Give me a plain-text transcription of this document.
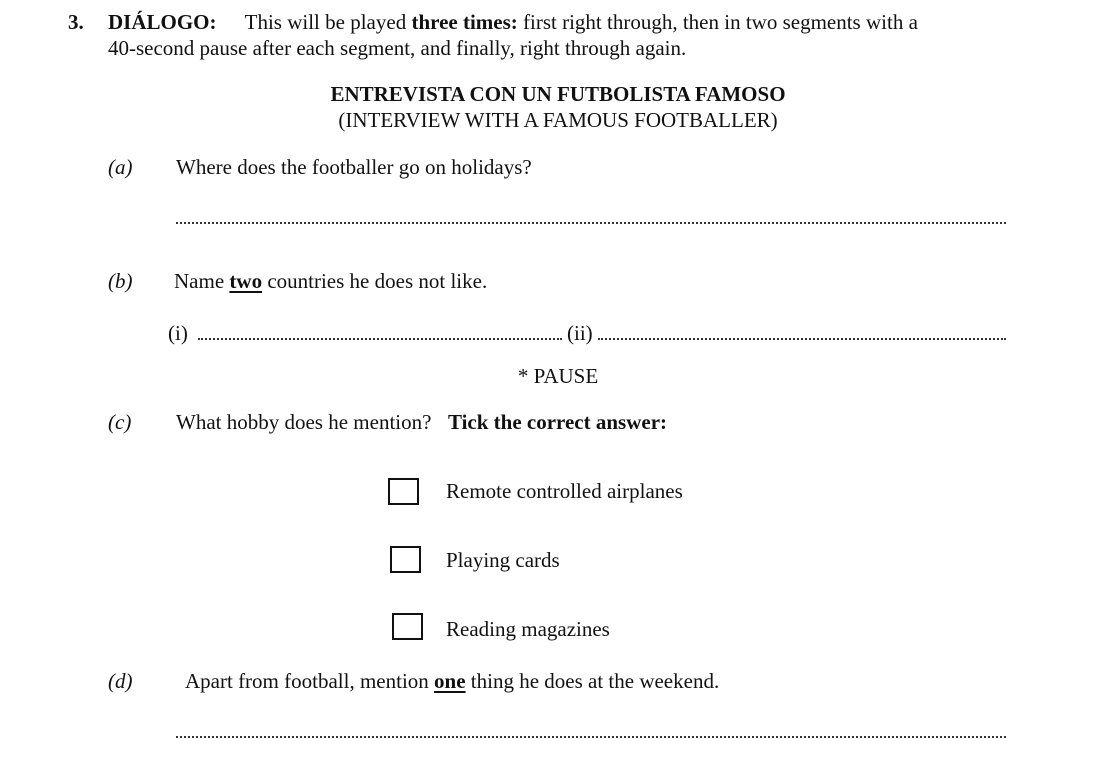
3. DIÁLOGO: This will be played three times: first right through, then in two segments with a
40-second pause after each segment, and finally, right through again.
ENTREVISTA CON UN FUTBOLISTA FAMOSO
(INTERVIEW WITH A FAMOUS FOOTBALLER)
(a) Where does the footballer go on holidays?
(b) Name two countries he does not like.
(i)	(ii)
* PAUSE
(c) What hobby does he mention? Tick the correct answer:
Remote controlled airplanes
Playing cards
Reading magazines
(d)	Apart from football, mention one thing he does at the weekend.
